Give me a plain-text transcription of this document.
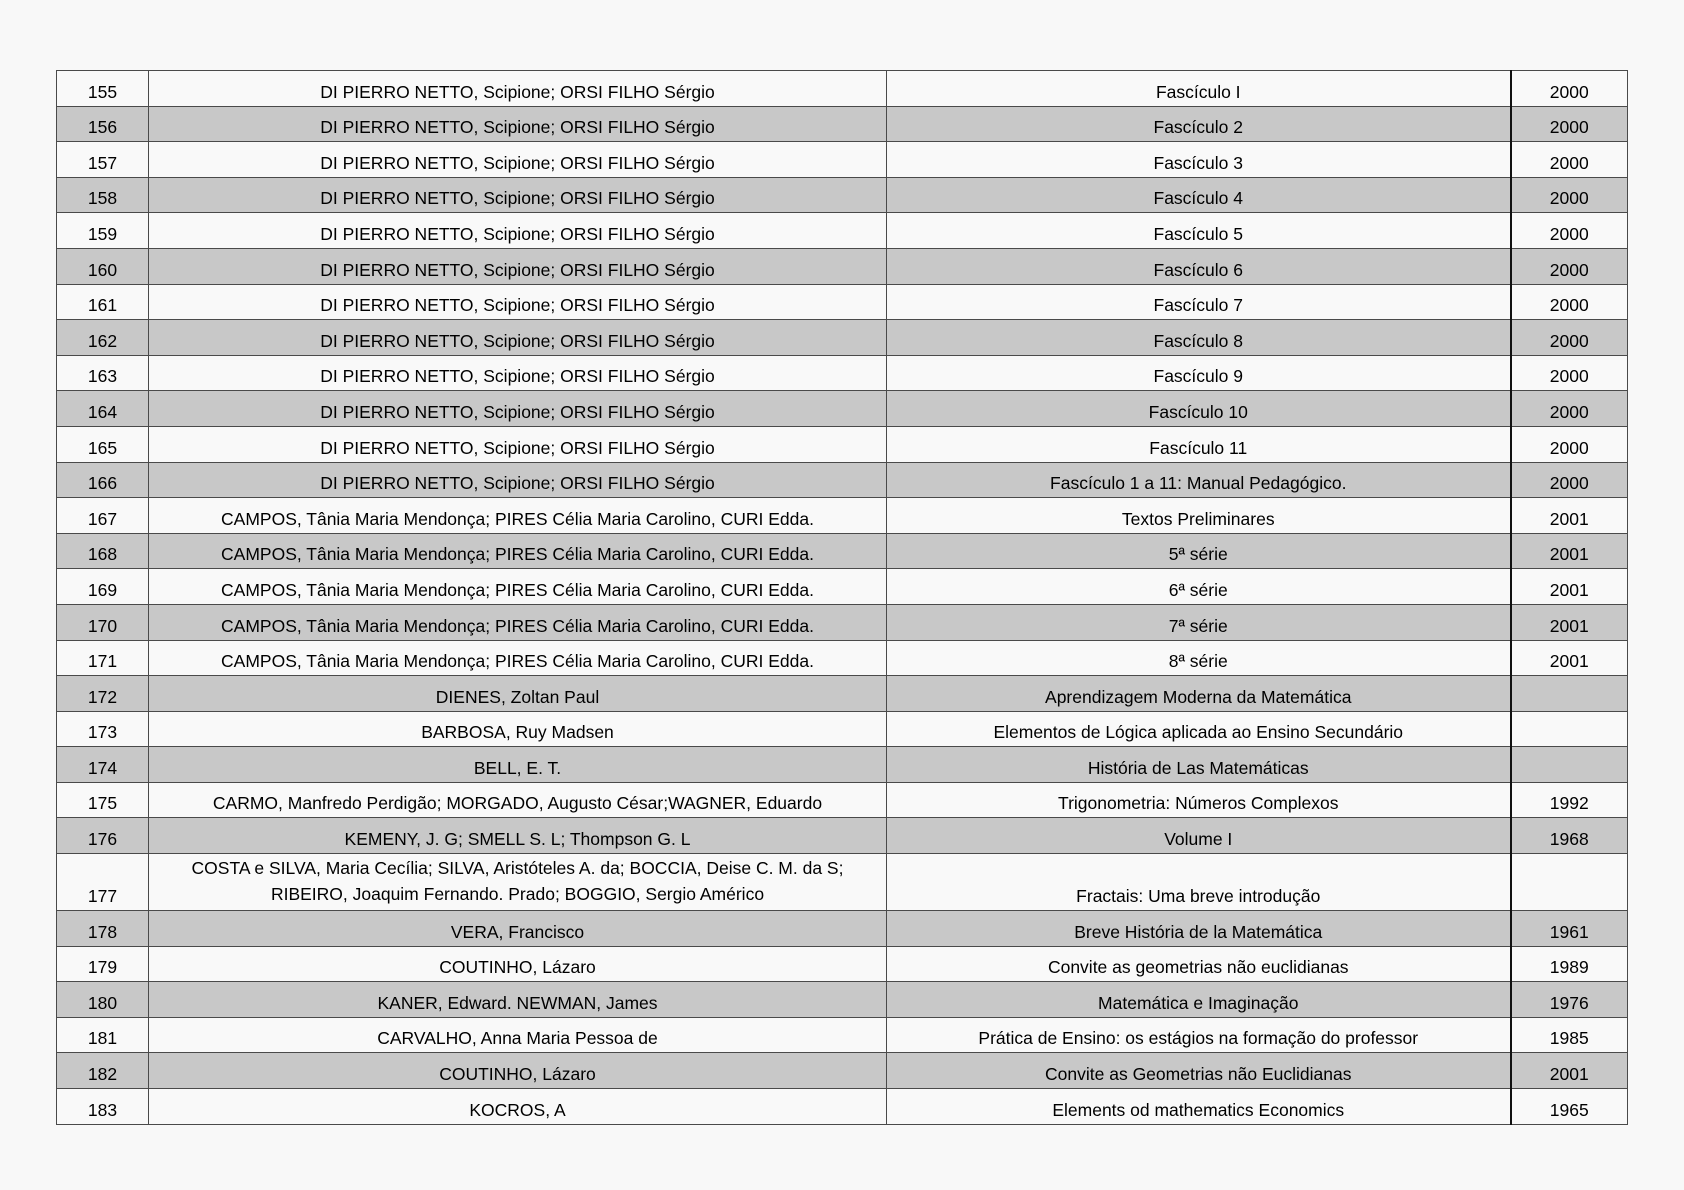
155	DI PIERRO NETTO, Scipione; ORSI FILHO Sérgio	Fascículo I	2000
156	DI PIERRO NETTO, Scipione; ORSI FILHO Sérgio	Fascículo 2	2000
157	DI PIERRO NETTO, Scipione; ORSI FILHO Sérgio	Fascículo 3	2000
158	DI PIERRO NETTO, Scipione; ORSI FILHO Sérgio	Fascículo 4	2000
159	DI PIERRO NETTO, Scipione; ORSI FILHO Sérgio	Fascículo 5	2000
160	DI PIERRO NETTO, Scipione; ORSI FILHO Sérgio	Fascículo 6	2000
161	DI PIERRO NETTO, Scipione; ORSI FILHO Sérgio	Fascículo 7	2000
162	DI PIERRO NETTO, Scipione; ORSI FILHO Sérgio	Fascículo 8	2000
163	DI PIERRO NETTO, Scipione; ORSI FILHO Sérgio	Fascículo 9	2000
164	DI PIERRO NETTO, Scipione; ORSI FILHO Sérgio	Fascículo 10	2000
165	DI PIERRO NETTO, Scipione; ORSI FILHO Sérgio	Fascículo 11	2000
166	DI PIERRO NETTO, Scipione; ORSI FILHO Sérgio	Fascículo 1 a 11: Manual Pedagógico.	2000
167	CAMPOS, Tânia Maria Mendonça; PIRES Célia Maria Carolino, CURI Edda.	Textos Preliminares	2001
168	CAMPOS, Tânia Maria Mendonça; PIRES Célia Maria Carolino, CURI Edda.	5ª série	2001
169	CAMPOS, Tânia Maria Mendonça; PIRES Célia Maria Carolino, CURI Edda.	6ª série	2001
170	CAMPOS, Tânia Maria Mendonça; PIRES Célia Maria Carolino, CURI Edda.	7ª série	2001
171	CAMPOS, Tânia Maria Mendonça; PIRES Célia Maria Carolino, CURI Edda.	8ª série	2001
172	DIENES, Zoltan Paul	Aprendizagem Moderna da Matemática	
173	BARBOSA, Ruy Madsen	Elementos de Lógica aplicada ao Ensino Secundário	
174	BELL, E. T.	História de Las Matemáticas	
175	CARMO, Manfredo Perdigão; MORGADO, Augusto César;WAGNER, Eduardo	Trigonometria: Números Complexos	1992
176	KEMENY, J. G; SMELL S. L; Thompson G. L	Volume I	1968
177	COSTA e SILVA, Maria Cecília; SILVA, Aristóteles A. da; BOCCIA, Deise C. M. da S; RIBEIRO, Joaquim Fernando. Prado; BOGGIO, Sergio Américo	Fractais: Uma breve introdução	
178	VERA, Francisco	Breve História de la Matemática	1961
179	COUTINHO, Lázaro	Convite as geometrias não euclidianas	1989
180	KANER, Edward. NEWMAN, James	Matemática e Imaginação	1976
181	CARVALHO, Anna Maria Pessoa de	Prática de Ensino: os estágios na formação do professor	1985
182	COUTINHO, Lázaro	Convite as Geometrias não Euclidianas	2001
183	KOCROS, A	Elements od mathematics Economics	1965
